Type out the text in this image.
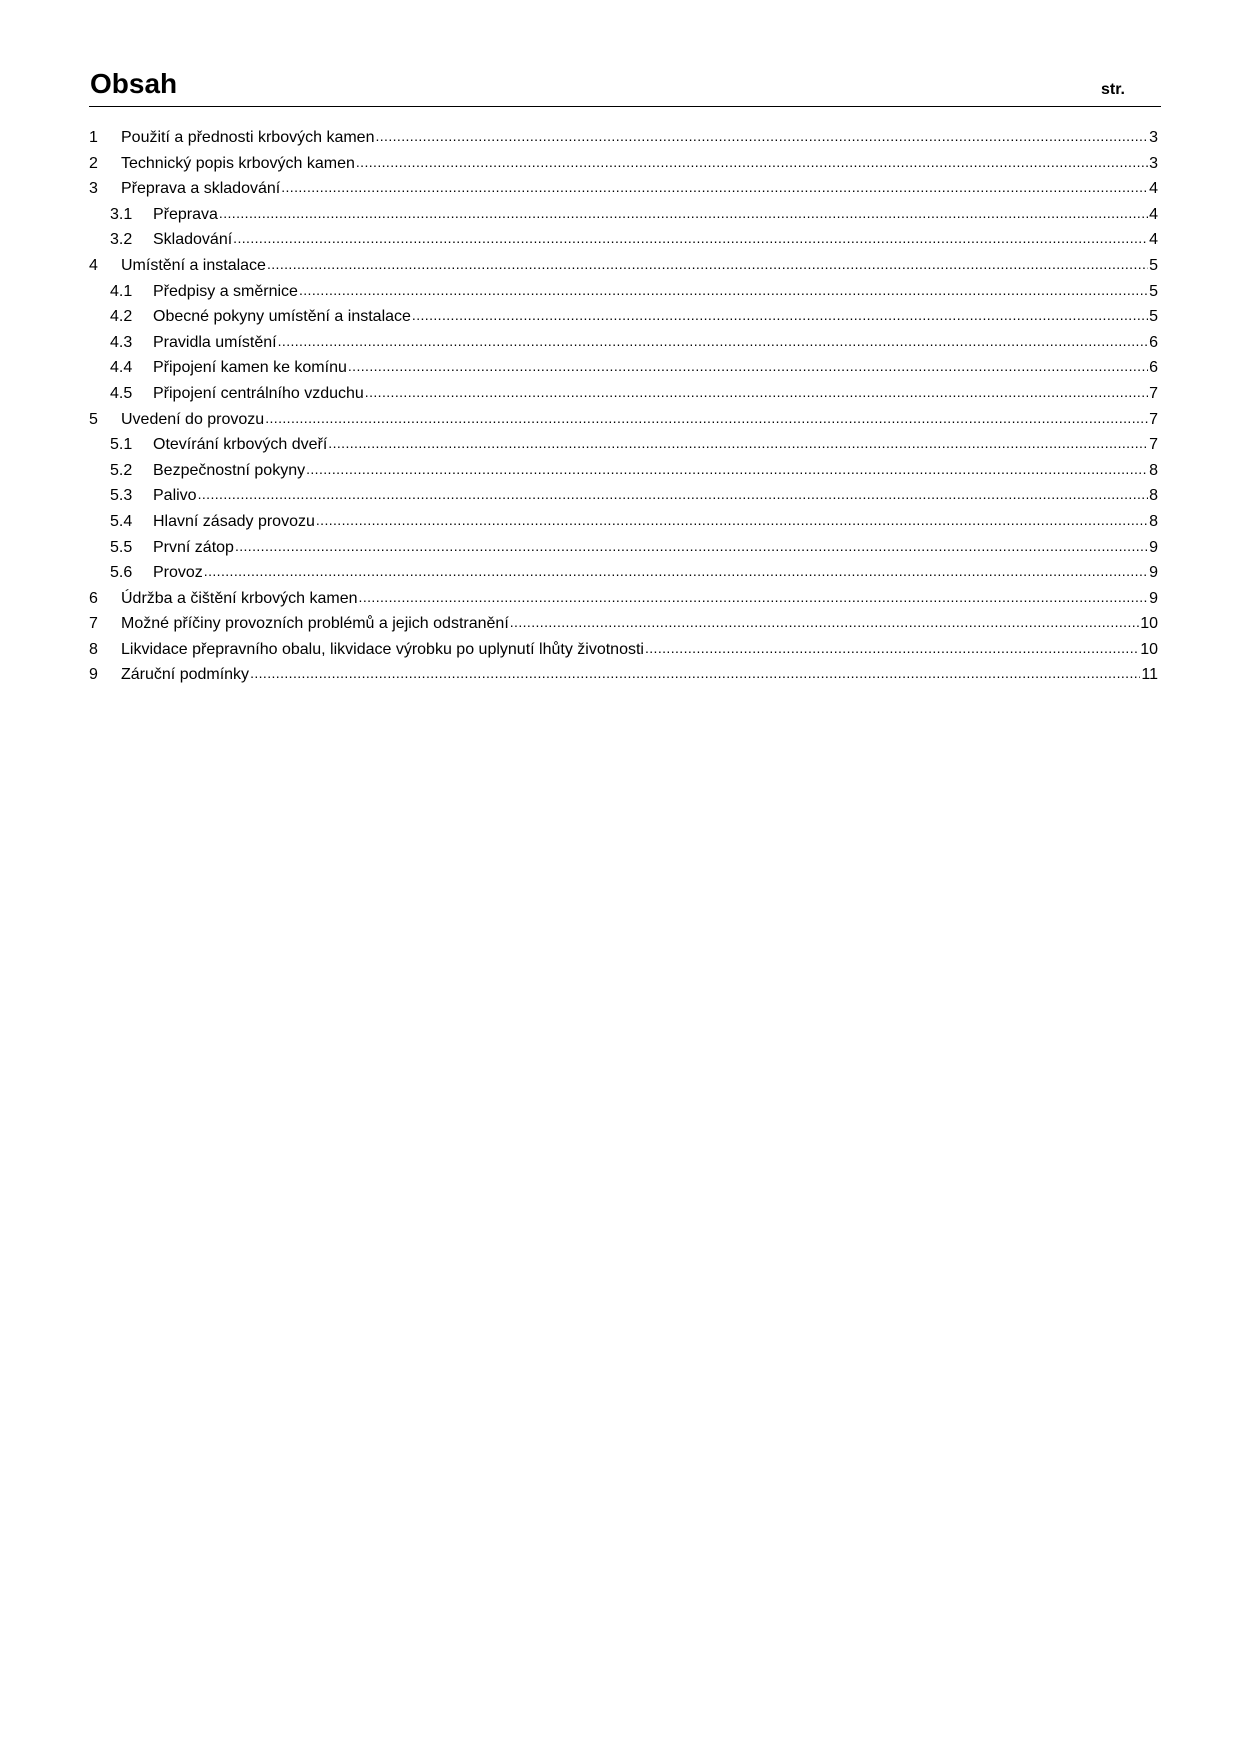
Obsah	str.
1	Použití a přednosti krbových kamen .....	3
2	Technický popis krbových kamen .....	3
3	Přeprava a skladování .....	4
3.1	Přeprava .....	4
3.2	Skladování .....	4
4	Umístění a instalace .....	5
4.1	Předpisy a směrnice .....	5
4.2	Obecné pokyny umístění a instalace .....	5
4.3	Pravidla umístění .....	6
4.4	Připojení kamen ke komínu .....	6
4.5	Připojení centrálního vzduchu .....	7
5	Uvedení do provozu .....	7
5.1	Otevírání krbových dveří .....	7
5.2	Bezpečnostní pokyny .....	8
5.3	Palivo .....	8
5.4	Hlavní zásady provozu .....	8
5.5	První zátop .....	9
5.6	Provoz .....	9
6	Údržba a čištění krbových kamen .....	9
7	Možné příčiny provozních problémů a jejich odstranění .....	10
8	Likvidace přepravního obalu, likvidace výrobku po uplynutí lhůty životnosti .....	10
9	Záruční podmínky .....	11
